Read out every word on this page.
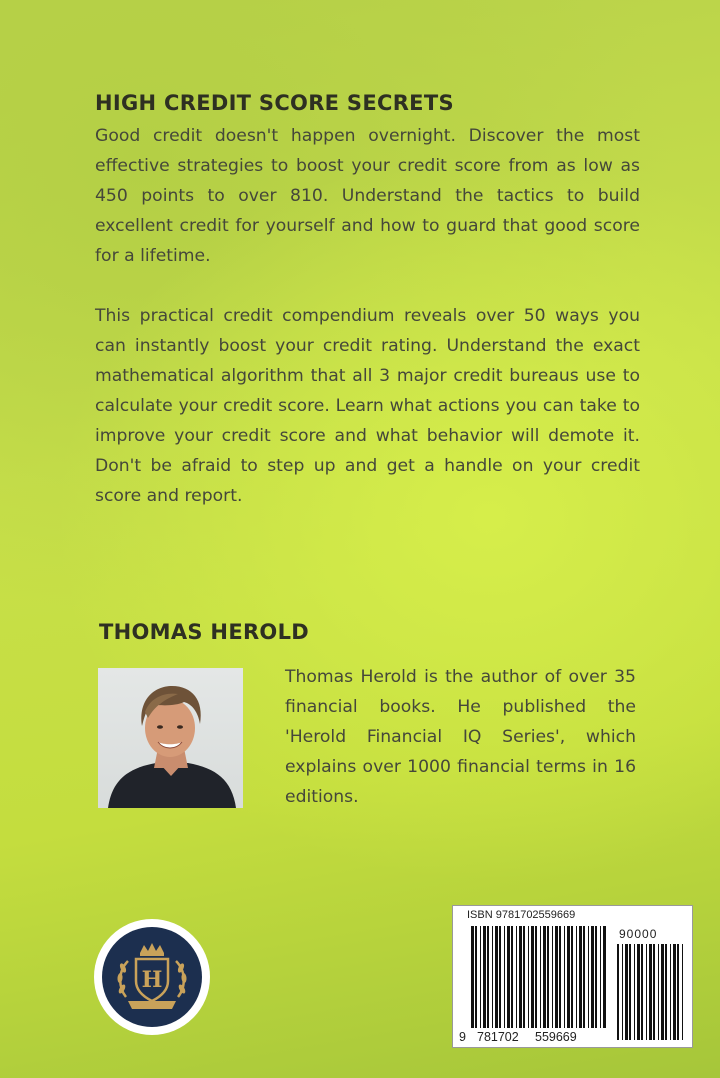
HIGH CREDIT SCORE SECRETS

Good credit doesn't happen overnight. Discover the most effective strategies to boost your credit score from as low as 450 points to over 810. Understand the tactics to build excellent credit for yourself and how to guard that good score for a lifetime.

This practical credit compendium reveals over 50 ways you can instantly boost your credit rating. Understand the exact mathematical algorithm that all 3 major credit bureaus use to calculate your credit score. Learn what actions you can take to improve your credit score and what behavior will demote it. Don't be afraid to step up and get a handle on your credit score and report.

THOMAS HEROLD

Thomas Herold is the author of over 35 financial books. He published the 'Herold Financial IQ Series', which explains over 1000 financial terms in 16 editions.

H
ISBN 9781702559669
90000
9 781702 559669
